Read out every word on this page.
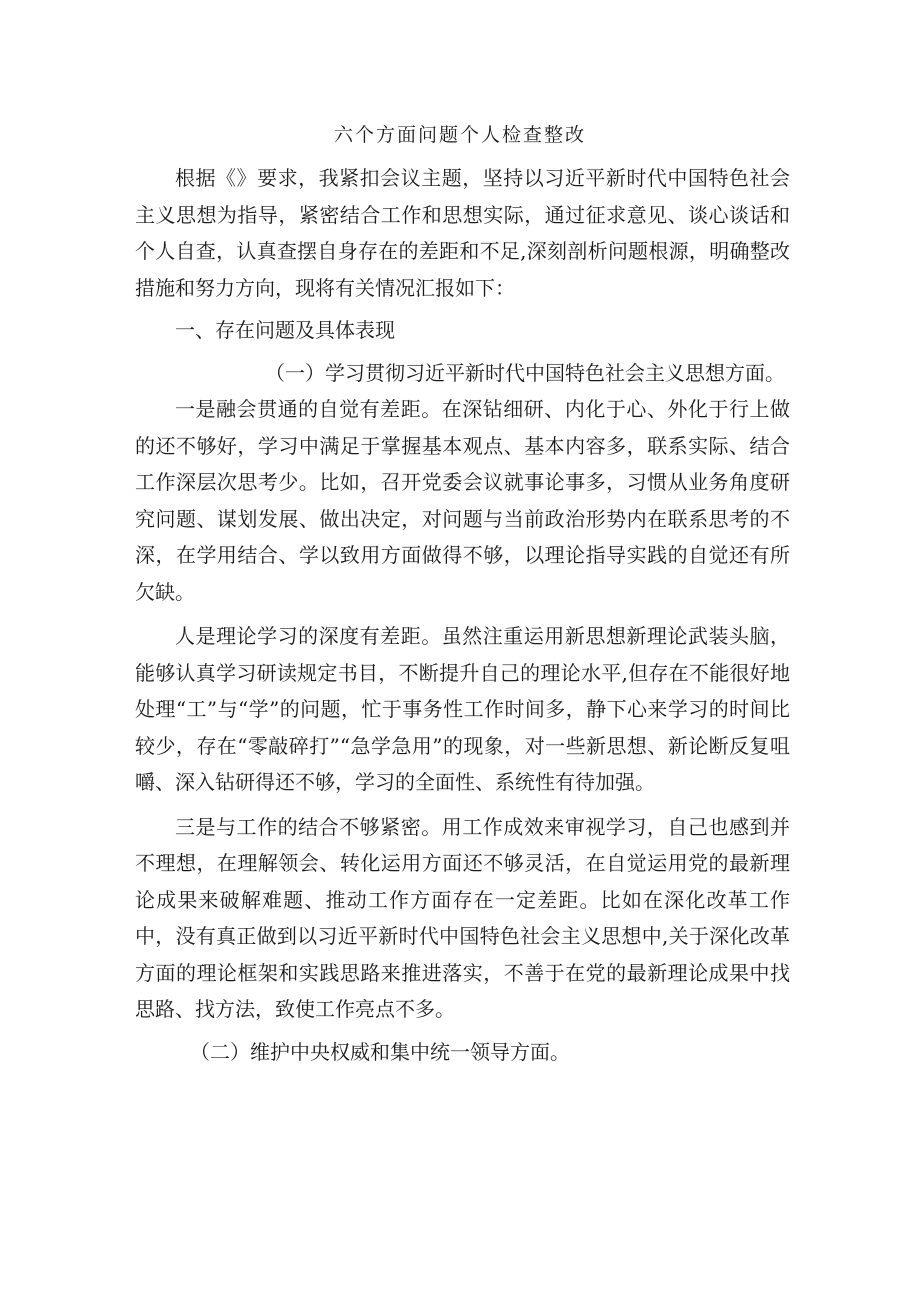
六个方面问题个人检查整改

根据《》要求，我紧扣会议主题，坚持以习近平新时代中国特色社会主义思想为指导，紧密结合工作和思想实际，通过征求意见、谈心谈话和个人自查，认真查摆自身存在的差距和不足,深刻剖析问题根源，明确整改措施和努力方向，现将有关情况汇报如下：

一、存在问题及具体表现

（一）学习贯彻习近平新时代中国特色社会主义思想方面。

一是融会贯通的自觉有差距。在深钻细研、内化于心、外化于行上做的还不够好，学习中满足于掌握基本观点、基本内容多，联系实际、结合工作深层次思考少。比如，召开党委会议就事论事多，习惯从业务角度研究问题、谋划发展、做出决定，对问题与当前政治形势内在联系思考的不深，在学用结合、学以致用方面做得不够，以理论指导实践的自觉还有所欠缺。

人是理论学习的深度有差距。虽然注重运用新思想新理论武装头脑，能够认真学习研读规定书目，不断提升自己的理论水平,但存在不能很好地处理“工”与“学”的问题，忙于事务性工作时间多，静下心来学习的时间比较少，存在“零敲碎打”“急学急用”的现象，对一些新思想、新论断反复咀嚼、深入钻研得还不够，学习的全面性、系统性有待加强。

三是与工作的结合不够紧密。用工作成效来审视学习，自己也感到并不理想，在理解领会、转化运用方面还不够灵活，在自觉运用党的最新理论成果来破解难题、推动工作方面存在一定差距。比如在深化改革工作中，没有真正做到以习近平新时代中国特色社会主义思想中,关于深化改革方面的理论框架和实践思路来推进落实，不善于在党的最新理论成果中找思路、找方法，致使工作亮点不多。

（二）维护中央权威和集中统一领导方面。
